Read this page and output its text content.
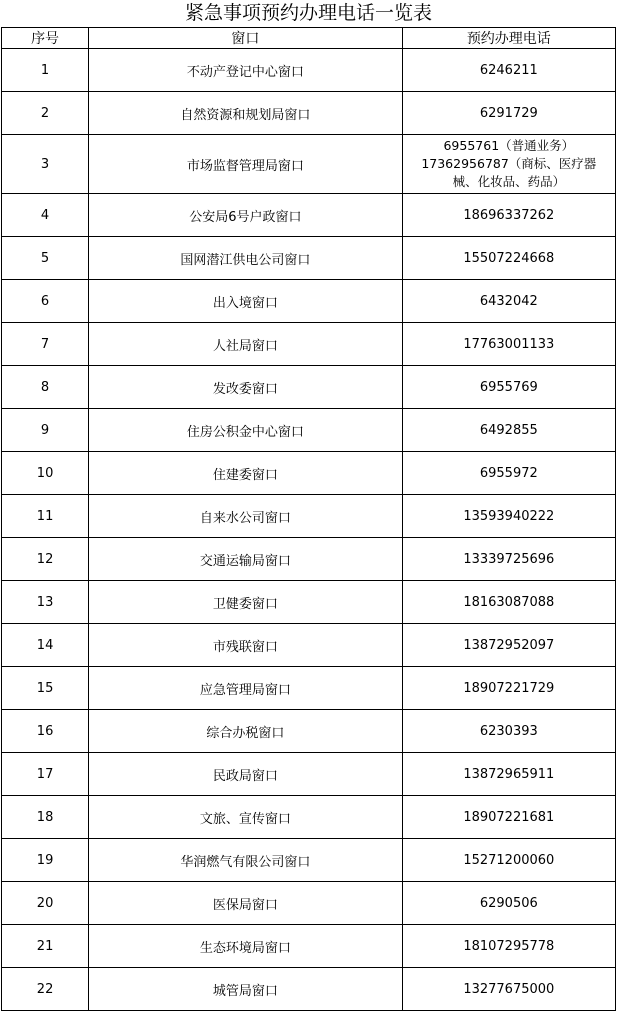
紧急事项预约办理电话一览表
序号	窗口	预约办理电话
1	不动产登记中心窗口	6246211
2	自然资源和规划局窗口	6291729
3	市场监督管理局窗口	6955761（普通业务）
17362956787（商标、医疗器
械、化妆品、药品）

4	公安局6号户政窗口	18696337262
5	国网潜江供电公司窗口	15507224668
6	出入境窗口	6432042
7	人社局窗口	17763001133
8	发改委窗口	6955769
9	住房公积金中心窗口	6492855
10	住建委窗口	6955972
11	自来水公司窗口	13593940222
12	交通运输局窗口	13339725696
13	卫健委窗口	18163087088
14	市残联窗口	13872952097
15	应急管理局窗口	18907221729
16	综合办税窗口	6230393
17	民政局窗口	13872965911
18	文旅、宣传窗口	18907221681
19	华润燃气有限公司窗口	15271200060
20	医保局窗口	6290506
21	生态环境局窗口	18107295778
22	城管局窗口	13277675000
